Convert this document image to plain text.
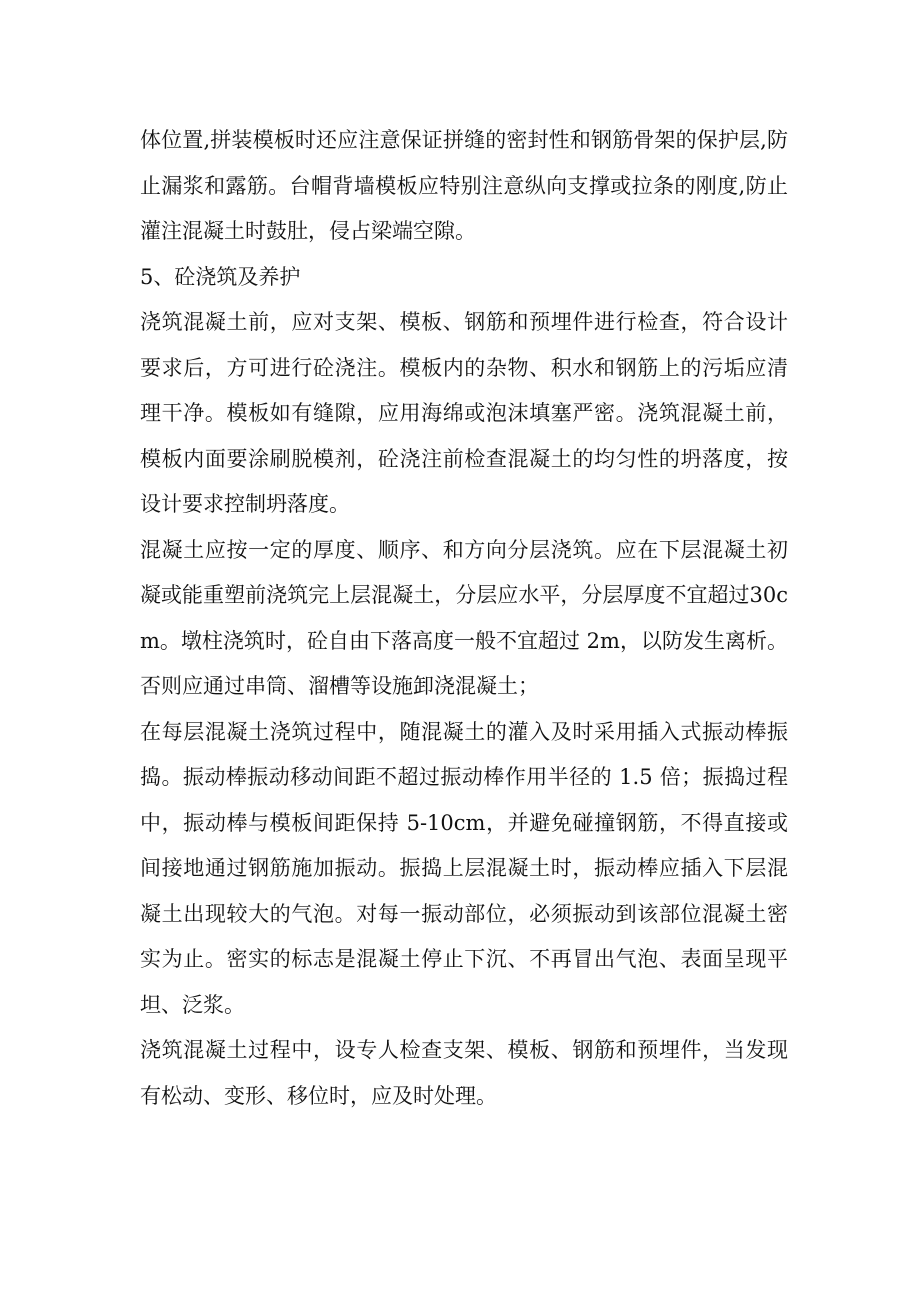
体位置,拼装模板时还应注意保证拼缝的密封性和钢筋骨架的保护层,防止漏浆和露筋。台帽背墙模板应特别注意纵向支撑或拉条的刚度,防止灌注混凝土时鼓肚，侵占梁端空隙。

5、砼浇筑及养护

浇筑混凝土前，应对支架、模板、钢筋和预埋件进行检查，符合设计要求后，方可进行砼浇注。模板内的杂物、积水和钢筋上的污垢应清理干净。模板如有缝隙，应用海绵或泡沫填塞严密。浇筑混凝土前，模板内面要涂刷脱模剂，砼浇注前检查混凝土的均匀性的坍落度，按设计要求控制坍落度。

混凝土应按一定的厚度、顺序、和方向分层浇筑。应在下层混凝土初凝或能重塑前浇筑完上层混凝土，分层应水平，分层厚度不宜超过30cm。墩柱浇筑时，砼自由下落高度一般不宜超过 2m，以防发生离析。否则应通过串筒、溜槽等设施卸浇混凝土；

在每层混凝土浇筑过程中，随混凝土的灌入及时采用插入式振动棒振捣。振动棒振动移动间距不超过振动棒作用半径的 1.5 倍；振捣过程中，振动棒与模板间距保持 5-10cm，并避免碰撞钢筋，不得直接或间接地通过钢筋施加振动。振捣上层混凝土时，振动棒应插入下层混凝土出现较大的气泡。对每一振动部位，必须振动到该部位混凝土密实为止。密实的标志是混凝土停止下沉、不再冒出气泡、表面呈现平坦、泛浆。

浇筑混凝土过程中，设专人检查支架、模板、钢筋和预埋件，当发现有松动、变形、移位时，应及时处理。
